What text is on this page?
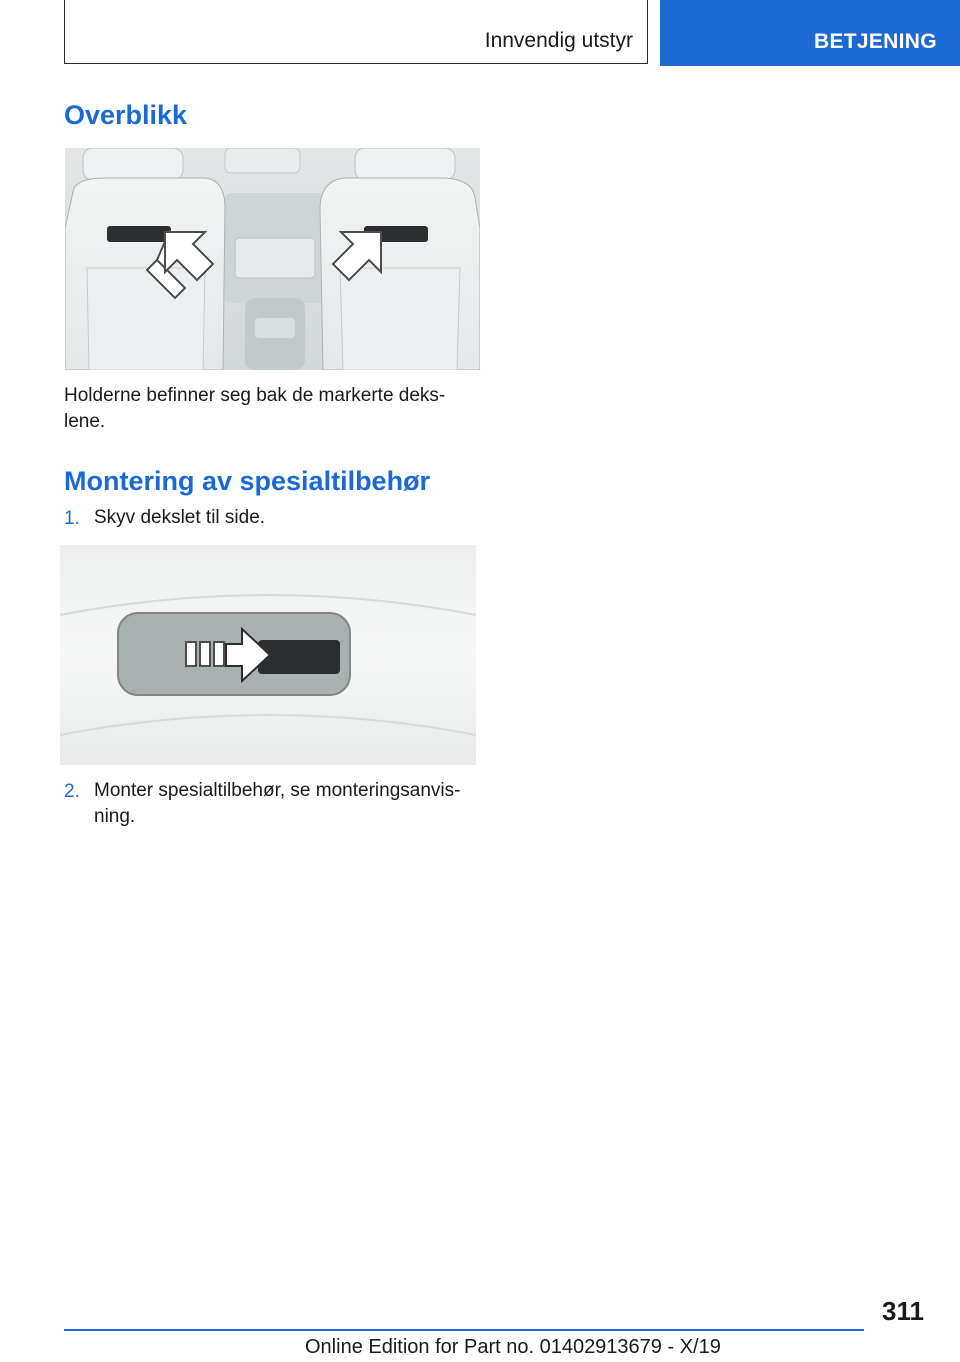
Innvendig utstyr	BETJENING
Overblikk
Holderne befinner seg bak de markerte deks-
lene.
Montering av spesialtilbehør
1. Skyv dekslet til side.
2. Monter spesialtilbehør, se monteringsanvis-
ning.
311
Online Edition for Part no. 01402913679 - X/19
